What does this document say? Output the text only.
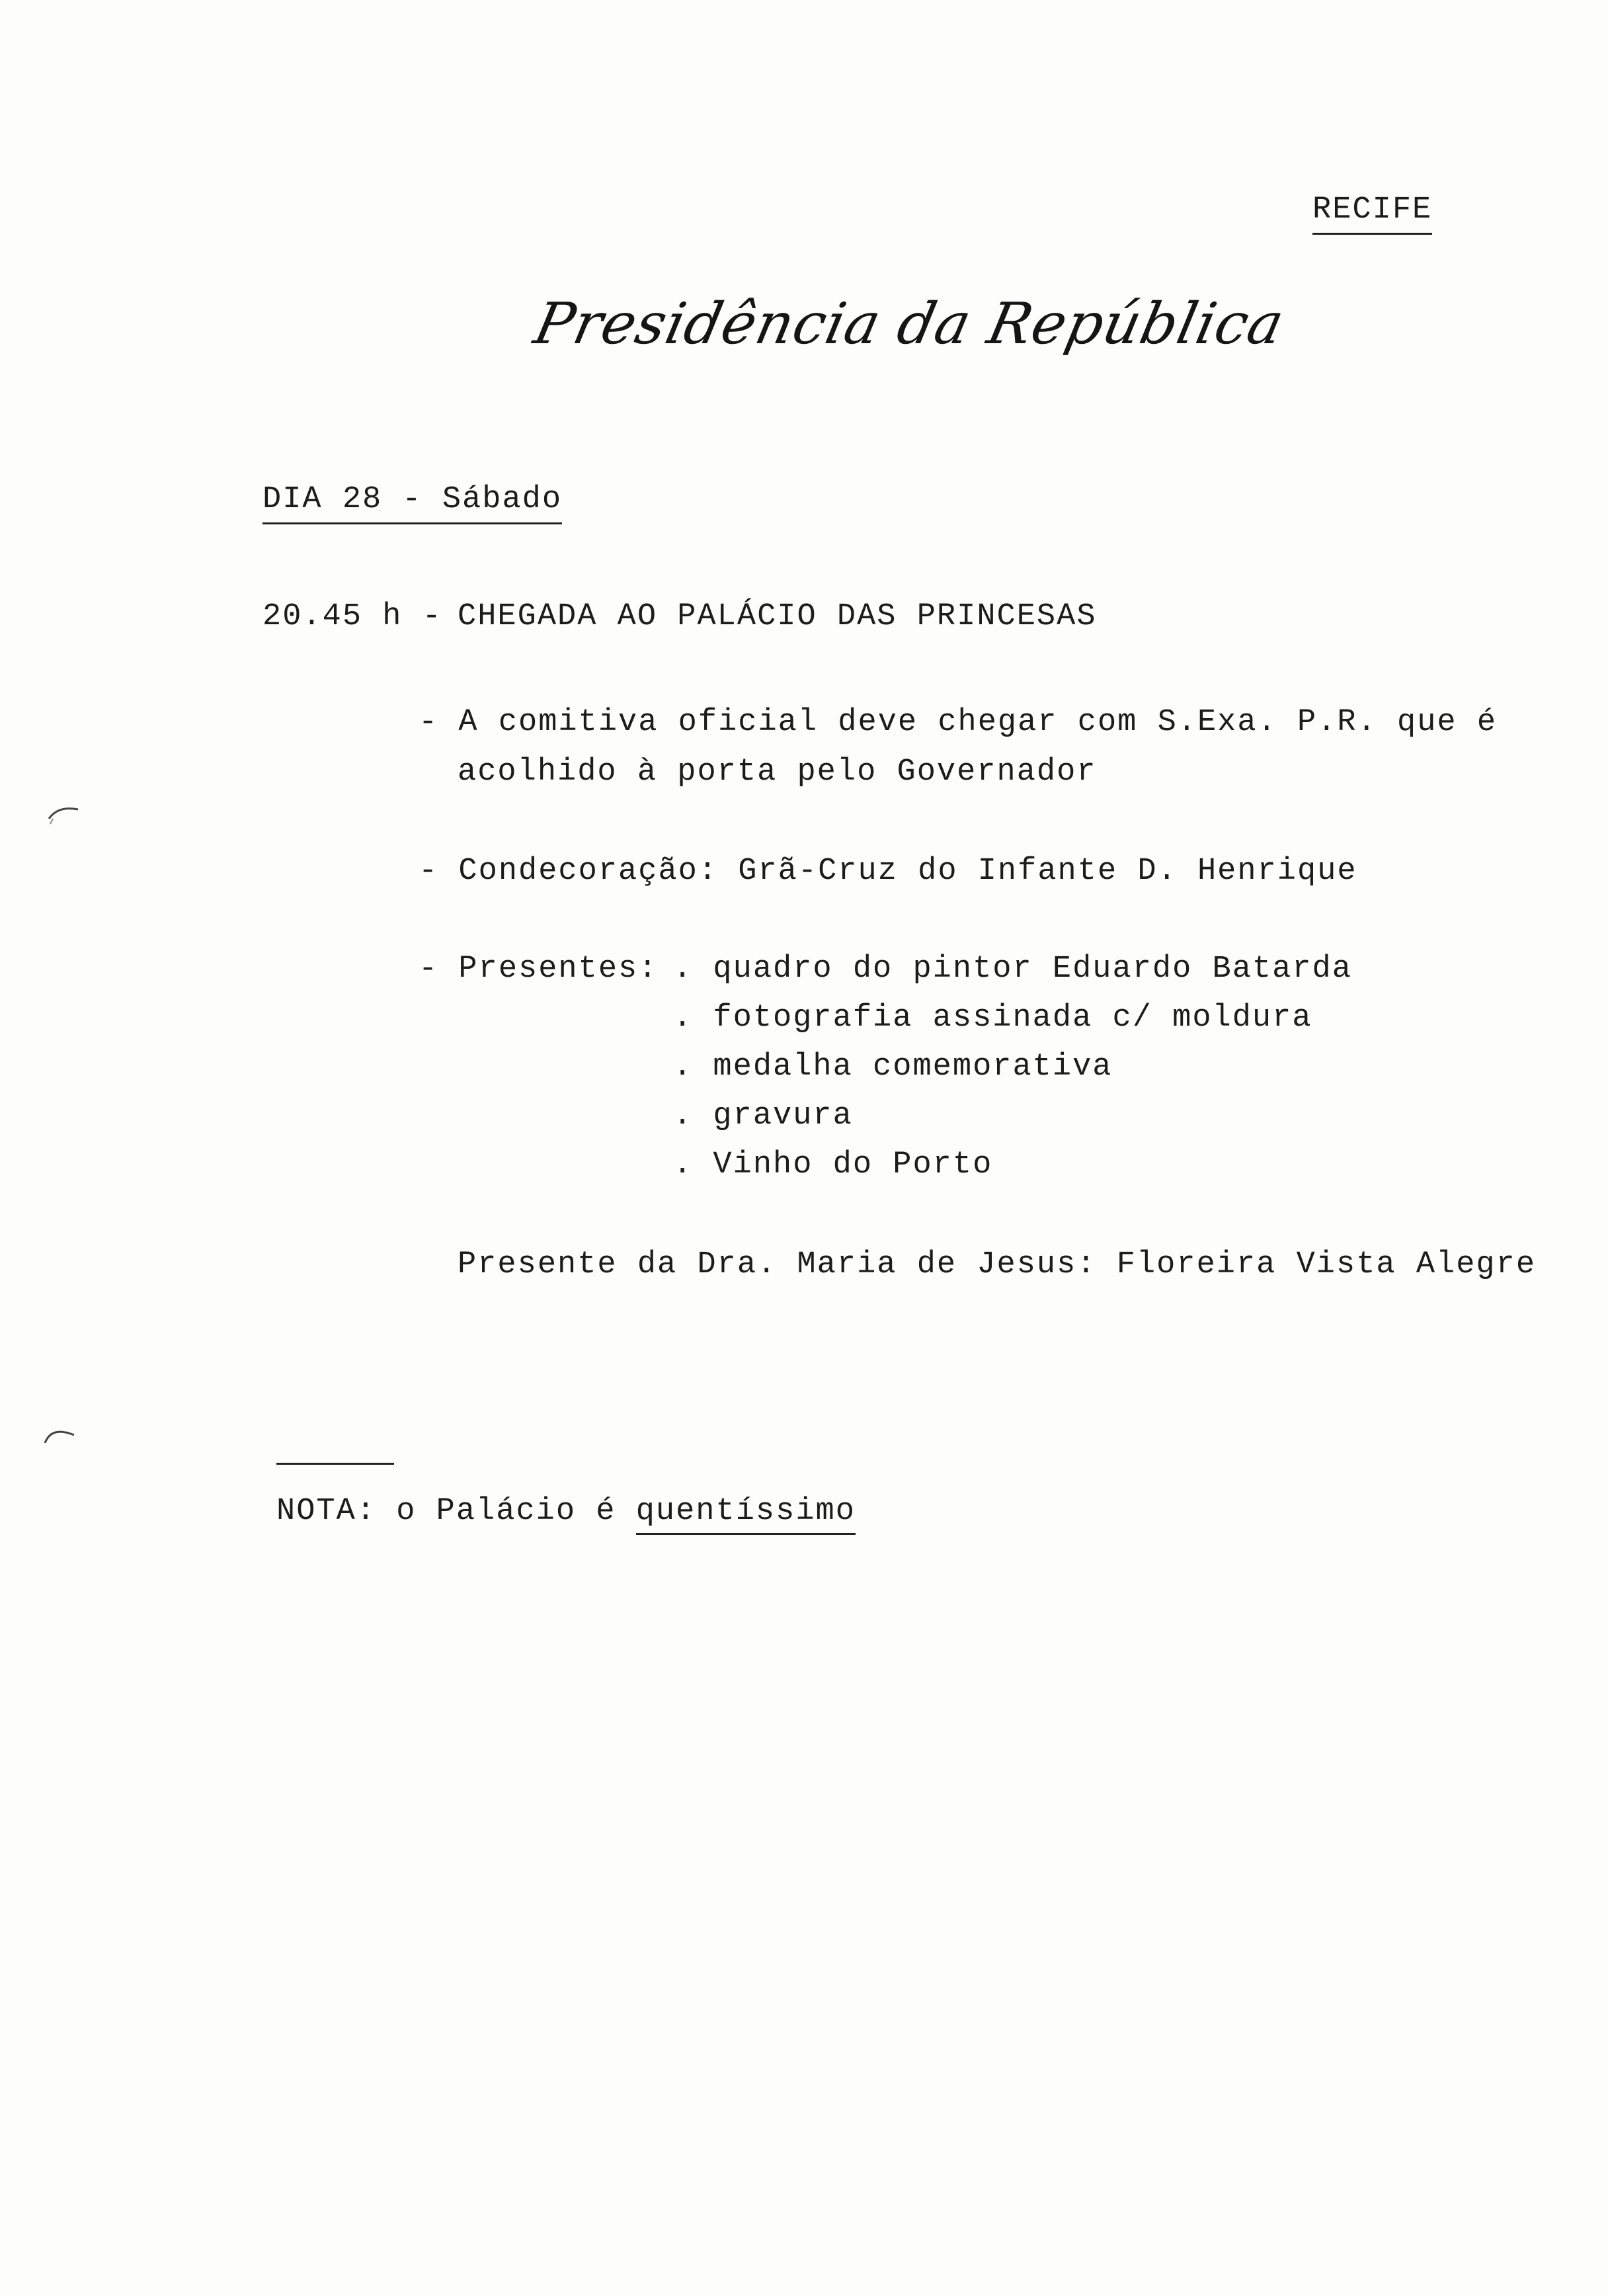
RECIFE
Presidência da República
DIA 28 - Sábado
20.45 h - CHEGADA AO PALÁCIO DAS PRINCESAS
- A comitiva oficial deve chegar com S.Exa. P.R. que é
acolhido à porta pelo Governador
- Condecoração: Grã-Cruz do Infante D. Henrique
- Presentes: . quadro do pintor Eduardo Batarda
. fotografia assinada c/ moldura
. medalha comemorativa
. gravura
. Vinho do Porto
Presente da Dra. Maria de Jesus: Floreira Vista Alegre
NOTA: o Palácio é quentíssimo
